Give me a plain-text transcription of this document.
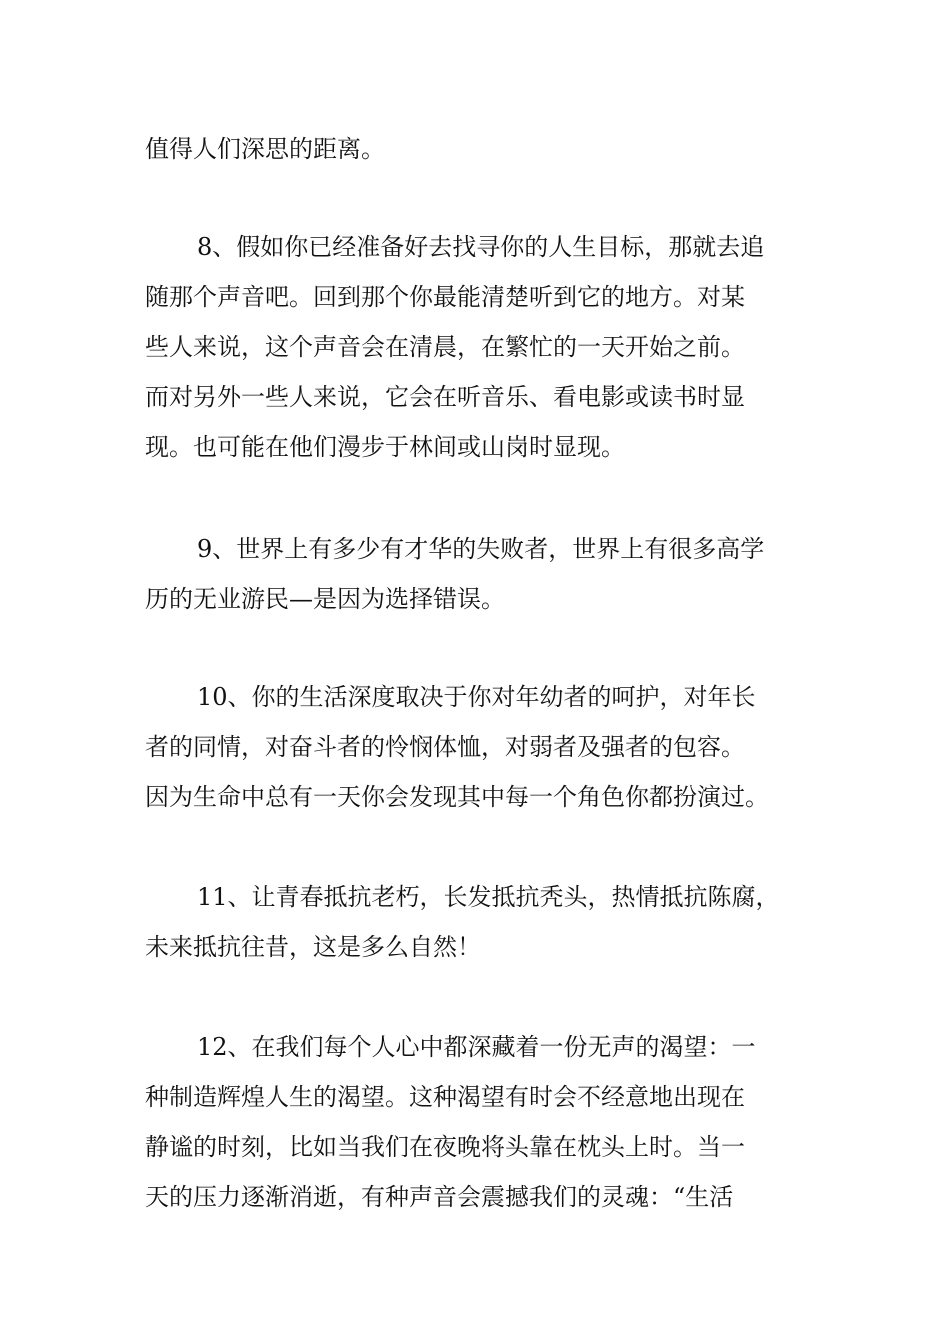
值得人们深思的距离。

8、假如你已经准备好去找寻你的人生目标，那就去追
随那个声音吧。回到那个你最能清楚听到它的地方。对某
些人来说，这个声音会在清晨，在繁忙的一天开始之前。
而对另外一些人来说，它会在听音乐、看电影或读书时显
现。也可能在他们漫步于林间或山岗时显现。

9、世界上有多少有才华的失败者，世界上有很多高学
历的无业游民—是因为选择错误。

10、你的生活深度取决于你对年幼者的呵护，对年长
者的同情，对奋斗者的怜悯体恤，对弱者及强者的包容。
因为生命中总有一天你会发现其中每一个角色你都扮演过。

11、让青春抵抗老朽，长发抵抗秃头，热情抵抗陈腐，
未来抵抗往昔，这是多么自然！

12、在我们每个人心中都深藏着一份无声的渴望：一
种制造辉煌人生的渴望。这种渴望有时会不经意地出现在
静谧的时刻，比如当我们在夜晚将头靠在枕头上时。当一
天的压力逐渐消逝，有种声音会震撼我们的灵魂：“生活
